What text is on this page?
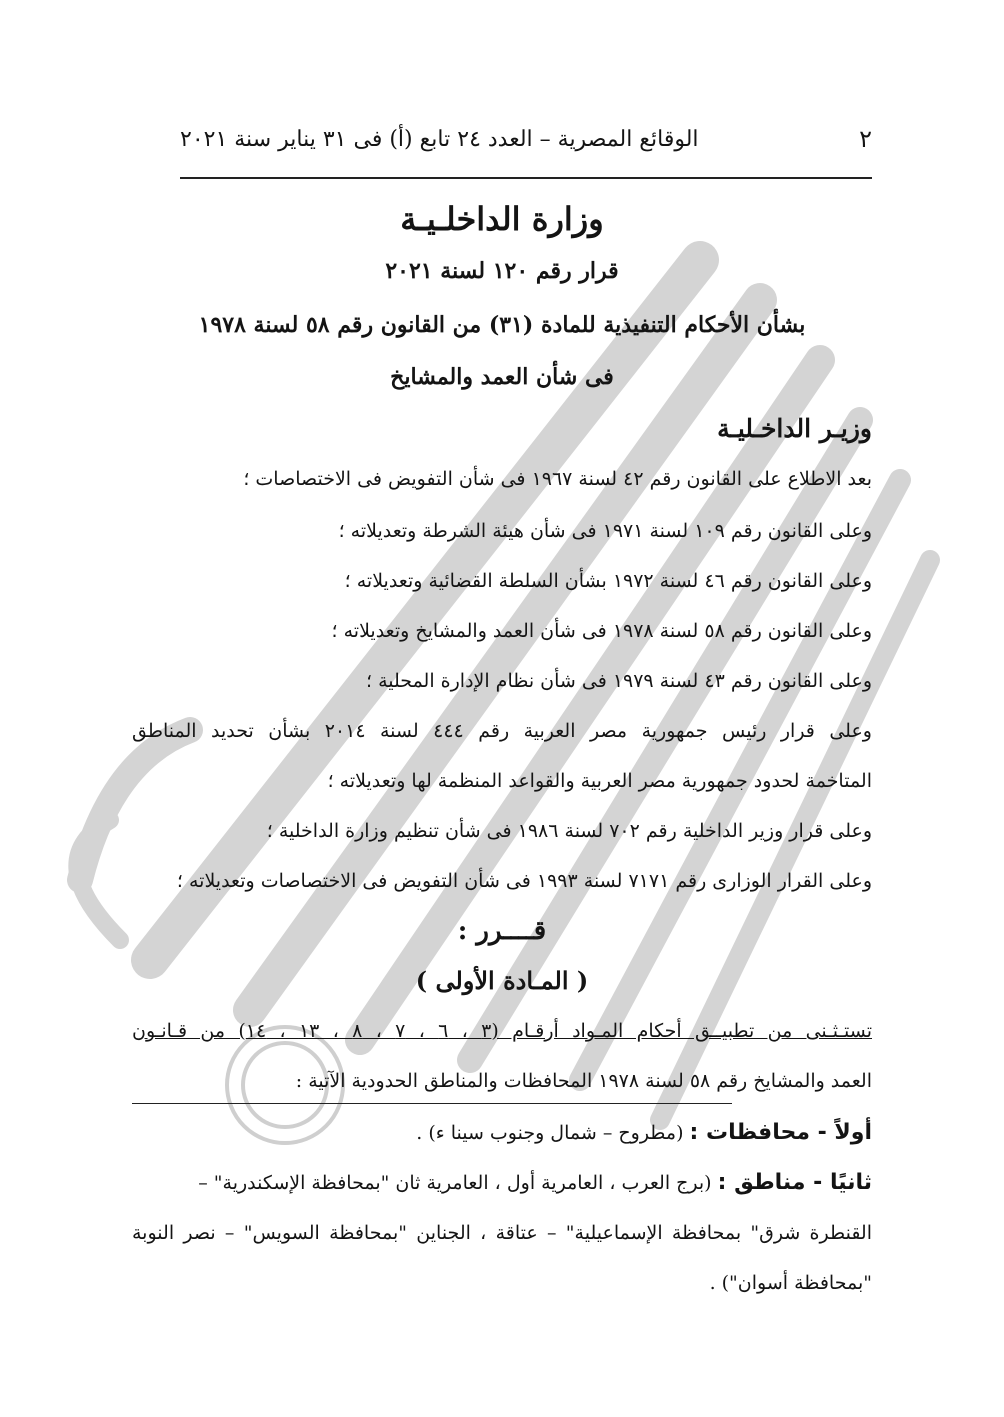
٢
الوقائع المصرية – العدد ٢٤ تابع (أ) فى ٣١ يناير سنة ٢٠٢١
وزارة الداخلـيـة
قرار رقم ١٢٠ لسنة ٢٠٢١
بشأن الأحكام التنفيذية للمادة (٣١) من القانون رقم ٥٨ لسنة ١٩٧٨
فى شأن العمد والمشايخ
وزيـر الداخـليـة
بعد الاطلاع على القانون رقم ٤٢ لسنة ١٩٦٧ فى شأن التفويض فى الاختصاصات ؛
وعلى القانون رقم ١٠٩ لسنة ١٩٧١ فى شأن هيئة الشرطة وتعديلاته ؛
وعلى القانون رقم ٤٦ لسنة ١٩٧٢ بشأن السلطة القضائية وتعديلاته ؛
وعلى القانون رقم ٥٨ لسنة ١٩٧٨ فى شأن العمد والمشايخ وتعديلاته ؛
وعلى القانون رقم ٤٣ لسنة ١٩٧٩ فى شأن نظام الإدارة المحلية ؛
وعلى قرار رئيس جمهورية مصر العربية رقم ٤٤٤ لسنة ٢٠١٤ بشأن تحديد المناطق
المتاخمة لحدود جمهورية مصر العربية والقواعد المنظمة لها وتعديلاته ؛
وعلى قرار وزير الداخلية رقم ٧٠٢ لسنة ١٩٨٦ فى شأن تنظيم وزارة الداخلية ؛
وعلى القرار الوزارى رقم ٧١٧١ لسنة ١٩٩٣ فى شأن التفويض فى الاختصاصات وتعديلاته ؛
قــــرر :
( المـادة الأولى )
تستـثـنى من تطبيــق أحكام المـواد أرقـام (٣ ، ٦ ، ٧ ، ٨ ، ١٣ ، ١٤) من قـانـون
العمد والمشايخ رقم ٥٨ لسنة ١٩٧٨ المحافظات والمناطق الحدودية الآتية :
أولاً - محافظات : (مطروح – شمال وجنوب سينا ء) .
ثانيًا - مناطق : (برج العرب ، العامرية أول ، العامرية ثان "بمحافظة الإسكندرية" –
القنطرة شرق" بمحافظة الإسماعيلية" – عتاقة ، الجناين "بمحافظة السويس" – نصر النوبة
"بمحافظة أسوان") .
